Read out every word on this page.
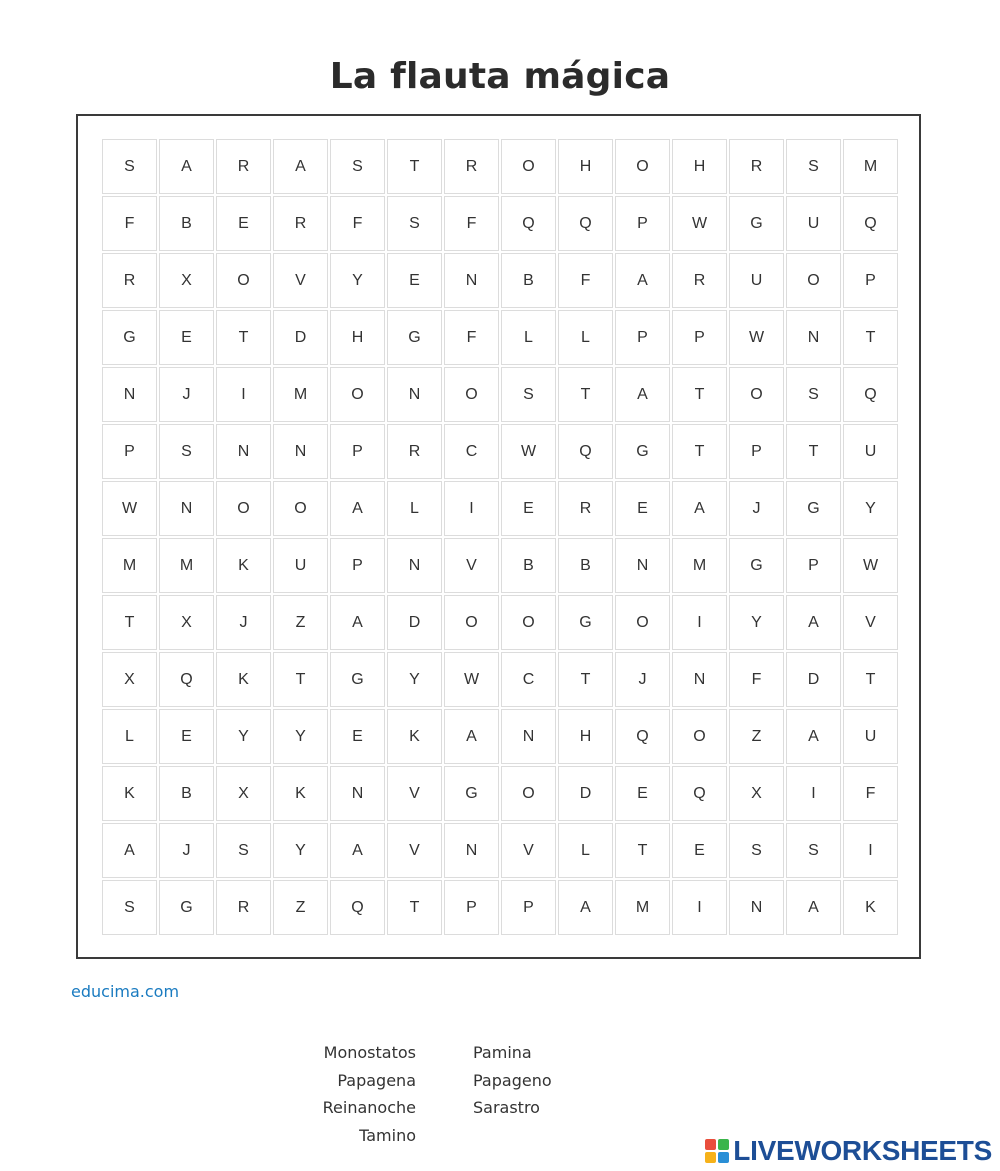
La flauta mágica
S	A	R	A	S	T	R	O	H	O	H	R	S	M
F	B	E	R	F	S	F	Q	Q	P	W	G	U	Q
R	X	O	V	Y	E	N	B	F	A	R	U	O	P
G	E	T	D	H	G	F	L	L	P	P	W	N	T
N	J	I	M	O	N	O	S	T	A	T	O	S	Q
P	S	N	N	P	R	C	W	Q	G	T	P	T	U
W	N	O	O	A	L	I	E	R	E	A	J	G	Y
M	M	K	U	P	N	V	B	B	N	M	G	P	W
T	X	J	Z	A	D	O	O	G	O	I	Y	A	V
X	Q	K	T	G	Y	W	C	T	J	N	F	D	T
L	E	Y	Y	E	K	A	N	H	Q	O	Z	A	U
K	B	X	K	N	V	G	O	D	E	Q	X	I	F
A	J	S	Y	A	V	N	V	L	T	E	S	S	I
S	G	R	Z	Q	T	P	P	A	M	I	N	A	K
educima.com
Monostatos
Papagena
Reinanoche
Tamino
Pamina
Papageno
Sarastro
LIVEWORKSHEETS
